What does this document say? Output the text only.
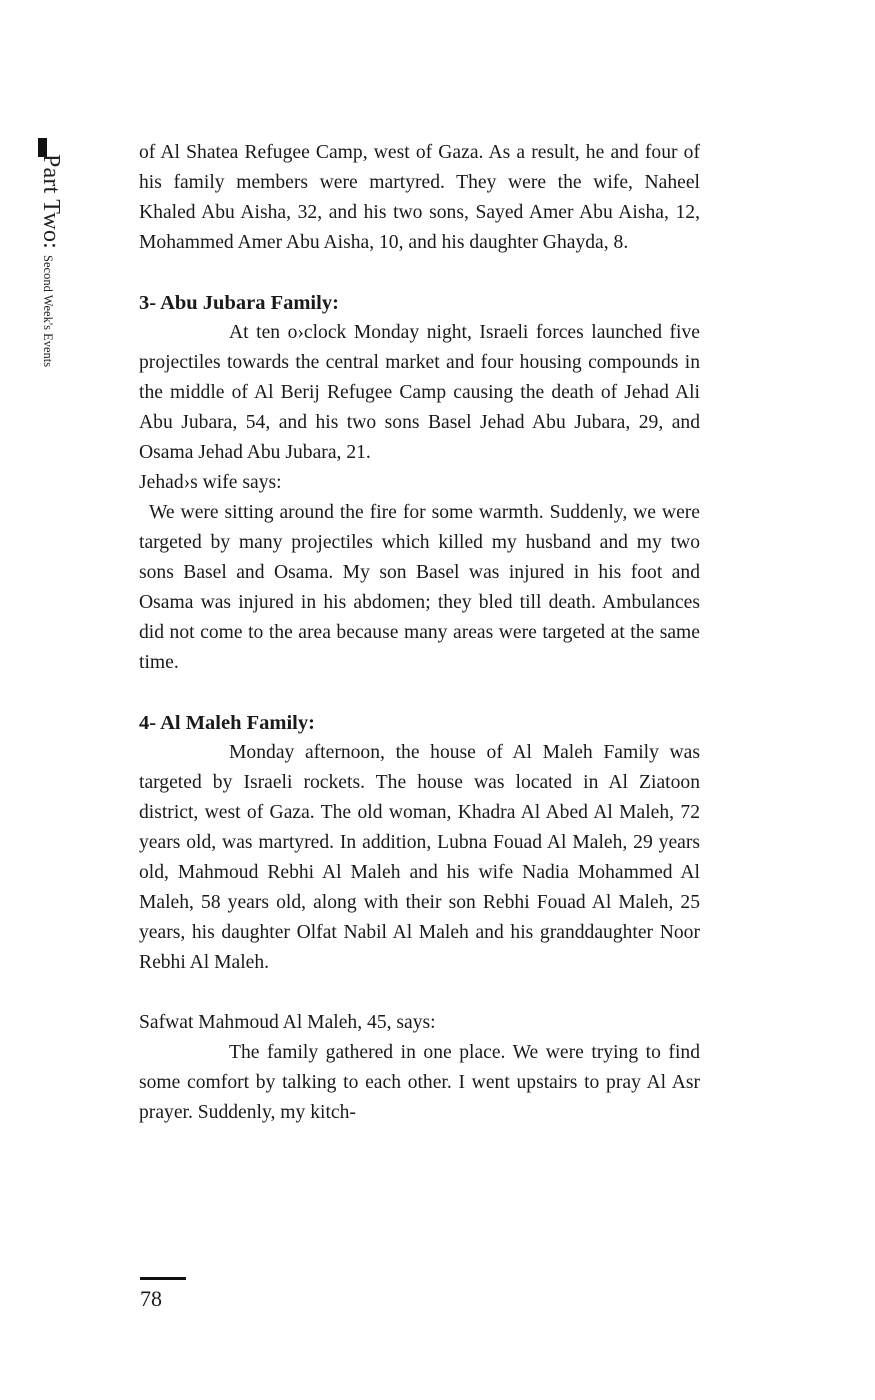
Part Two: Second Week's Events

of Al Shatea Refugee Camp, west of Gaza. As a result, he and four of his family members were martyred. They were the wife, Naheel Khaled Abu Aisha, 32, and his two sons, Sayed Amer Abu Aisha, 12, Mohammed Amer Abu Aisha, 10, and his daughter Ghayda, 8.

3- Abu Jubara Family:

At ten o›clock Monday night, Israeli forces launched five projectiles towards the central market and four housing compounds in the middle of Al Berij Refugee Camp causing the death of Jehad Ali Abu Jubara, 54, and his two sons Basel Jehad Abu Jubara, 29, and Osama Jehad Abu Jubara, 21.

Jehad›s wife says:

We were sitting around the fire for some warmth. Suddenly, we were targeted by many projectiles which killed my husband and my two sons Basel and Osama. My son Basel was injured in his foot and Osama was injured in his abdomen; they bled till death. Ambulances did not come to the area because many areas were targeted at the same time.

4- Al Maleh Family:

Monday afternoon, the house of Al Maleh Family was targeted by Israeli rockets. The house was located in Al Ziatoon district, west of Gaza. The old woman, Khadra Al Abed Al Maleh, 72 years old, was martyred. In addition, Lubna Fouad Al Maleh, 29 years old, Mahmoud Rebhi Al Maleh and his wife Nadia Mohammed Al Maleh, 58 years old, along with their son Rebhi Fouad Al Maleh, 25 years, his daughter Olfat Nabil Al Maleh and his granddaughter Noor Rebhi Al Maleh.

Safwat Mahmoud Al Maleh, 45, says:

The family gathered in one place. We were trying to find some comfort by talking to each other. I went upstairs to pray Al Asr prayer. Suddenly, my kitch-

78
